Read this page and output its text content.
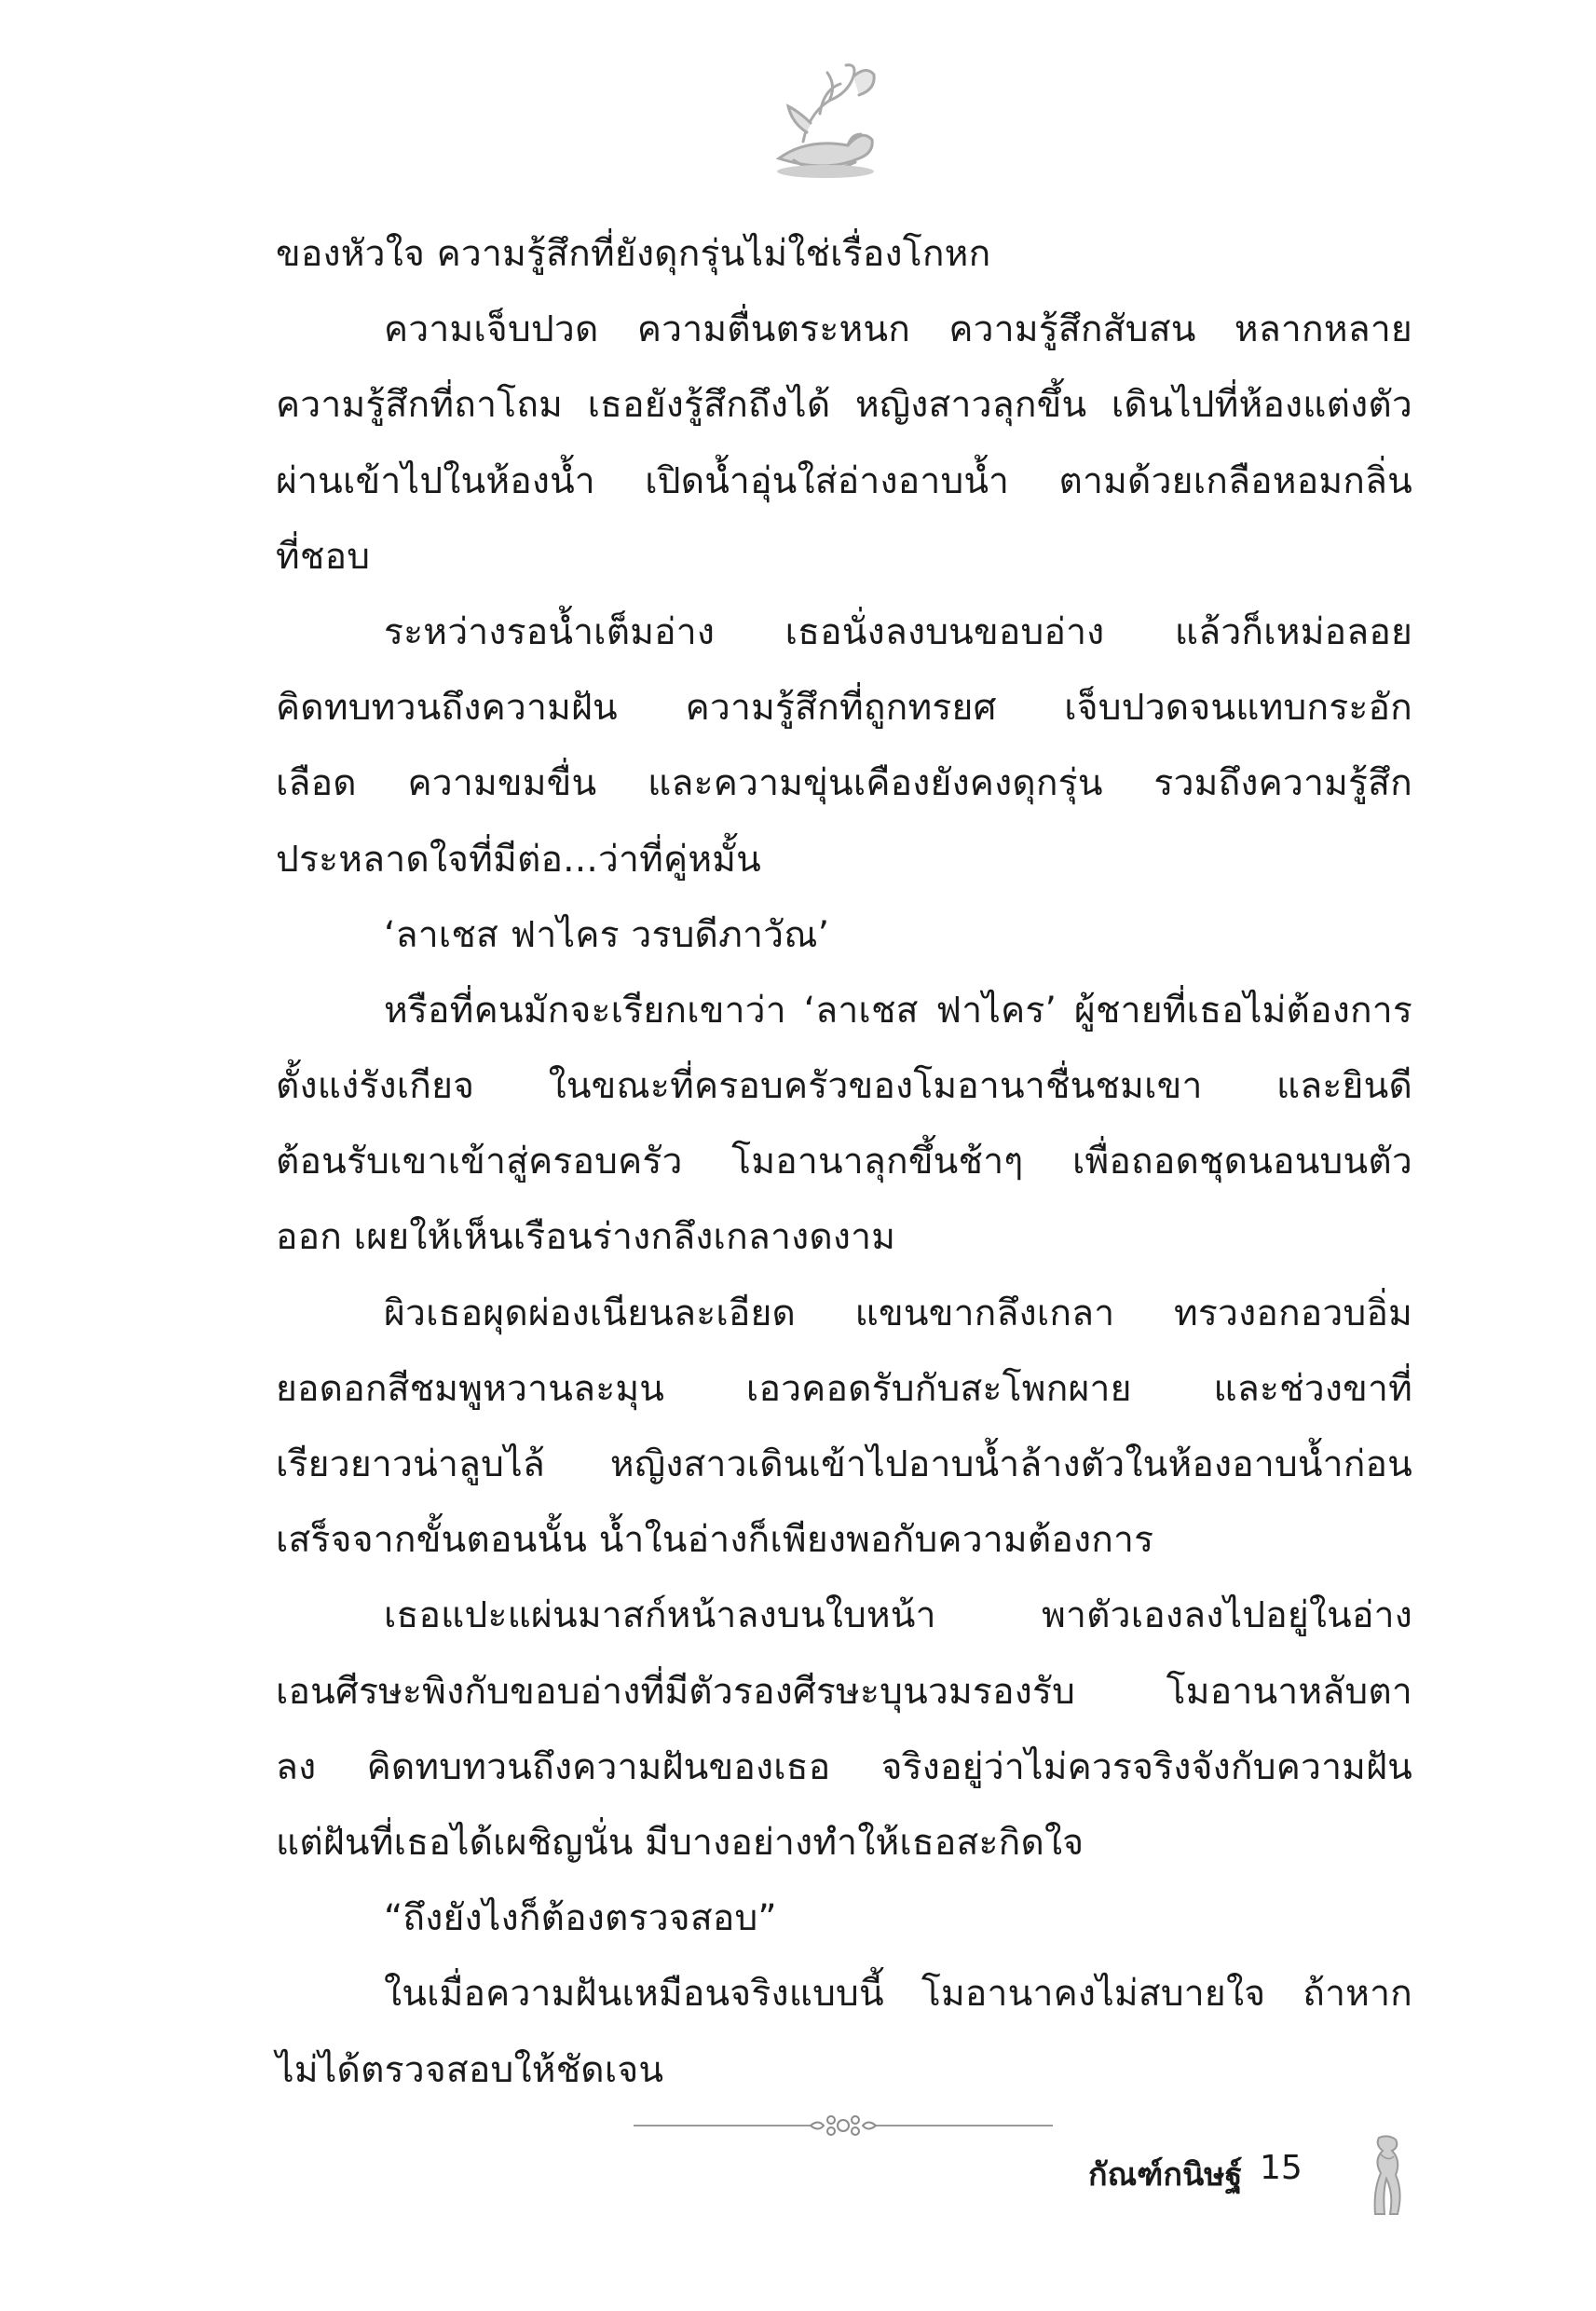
ของหัวใจ ความรู้สึกที่ยังดุกรุ่นไม่ใช่เรื่องโกหก
ความเจ็บปวด ความตื่นตระหนก ความรู้สึกสับสน หลากหลาย
ความรู้สึกที่ถาโถม เธอยังรู้สึกถึงได้ หญิงสาวลุกขึ้น เดินไปที่ห้องแต่งตัว
ผ่านเข้าไปในห้องน้ำ เปิดน้ำอุ่นใส่อ่างอาบน้ำ ตามด้วยเกลือหอมกลิ่น
ที่ชอบ
ระหว่างรอน้ำเต็มอ่าง เธอนั่งลงบนขอบอ่าง แล้วก็เหม่อลอย
คิดทบทวนถึงความฝัน ความรู้สึกที่ถูกทรยศ เจ็บปวดจนแทบกระอัก
เลือด ความขมขื่น และความขุ่นเคืองยังคงดุกรุ่น รวมถึงความรู้สึก
ประหลาดใจที่มีต่อ...ว่าที่คู่หมั้น
‘ลาเชส ฟาไคร วรบดีภาวัณ’
หรือที่คนมักจะเรียกเขาว่า ‘ลาเชส ฟาไคร’ ผู้ชายที่เธอไม่ต้องการ
ตั้งแง่รังเกียจ ในขณะที่ครอบครัวของโมอานาชื่นชมเขา และยินดี
ต้อนรับเขาเข้าสู่ครอบครัว โมอานาลุกขึ้นช้าๆ เพื่อถอดชุดนอนบนตัว
ออก เผยให้เห็นเรือนร่างกลึงเกลางดงาม
ผิวเธอผุดผ่องเนียนละเอียด แขนขากลึงเกลา ทรวงอกอวบอิ่ม
ยอดอกสีชมพูหวานละมุน เอวคอดรับกับสะโพกผาย และช่วงขาที่
เรียวยาวน่าลูบไล้ หญิงสาวเดินเข้าไปอาบน้ำล้างตัวในห้องอาบน้ำก่อน
เสร็จจากขั้นตอนนั้น น้ำในอ่างก็เพียงพอกับความต้องการ
เธอแปะแผ่นมาสก์หน้าลงบนใบหน้า พาตัวเองลงไปอยู่ในอ่าง
เอนศีรษะพิงกับขอบอ่างที่มีตัวรองศีรษะบุนวมรองรับ โมอานาหลับตา
ลง คิดทบทวนถึงความฝันของเธอ จริงอยู่ว่าไม่ควรจริงจังกับความฝัน
แต่ฝันที่เธอได้เผชิญนั่น มีบางอย่างทำให้เธอสะกิดใจ
“ถึงยังไงก็ต้องตรวจสอบ”
ในเมื่อความฝันเหมือนจริงแบบนี้ โมอานาคงไม่สบายใจ ถ้าหาก
ไม่ได้ตรวจสอบให้ชัดเจน
กัณฑ์กนิษฐ์ 15
